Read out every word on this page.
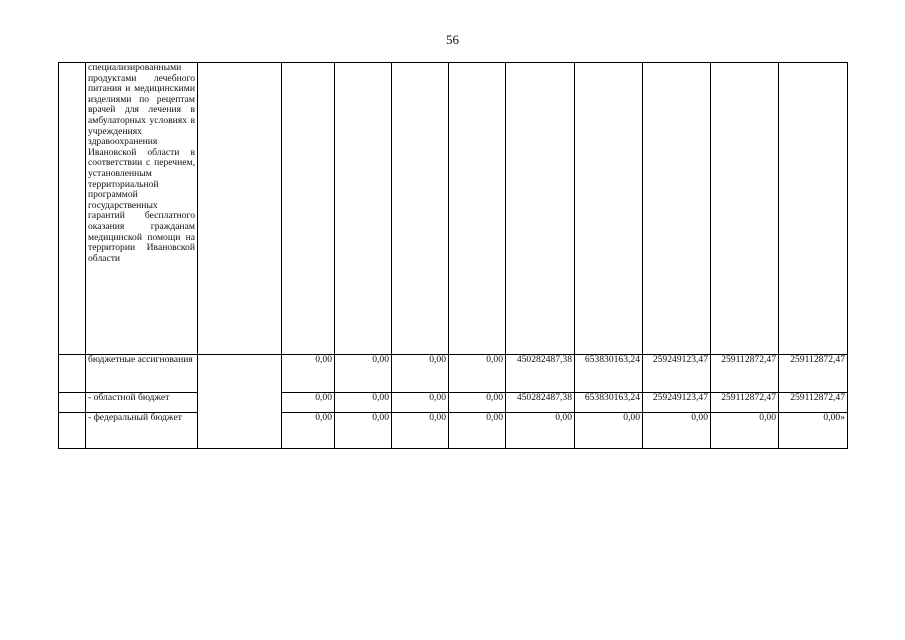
56
	специализированными продуктами лечебного питания и медицинскими изделиями по рецептам врачей для лечения в амбулаторных условиях в учреждениях здравоохранения Ивановской области в соответствии с перечнем, установленным территориальной программой государственных гарантий бесплатного оказания гражданам медицинской помощи на территории Ивановской области										
	бюджетные ассигнования		0,00	0,00	0,00	0,00	450282487,38	653830163,24	259249123,47	259112872,47	259112872,47
	- областной бюджет		0,00	0,00	0,00	0,00	450282487,38	653830163,24	259249123,47	259112872,47	259112872,47
	- федеральный бюджет		0,00	0,00	0,00	0,00	0,00	0,00	0,00	0,00	0,00»
